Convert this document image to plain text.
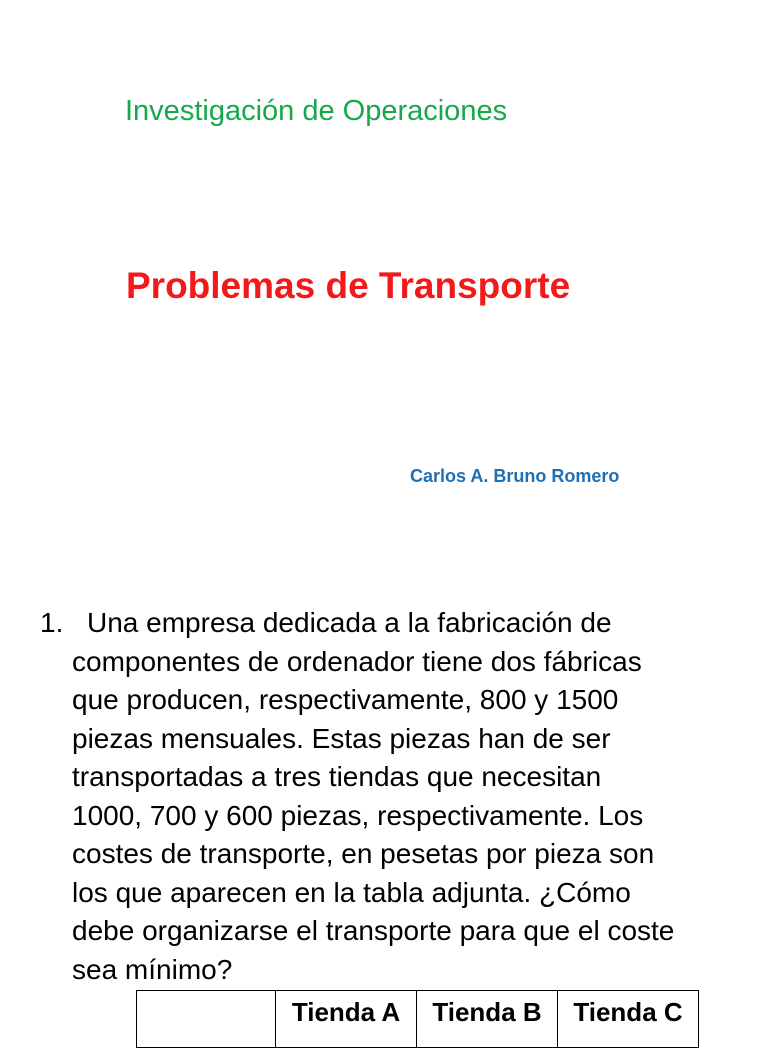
Investigación de Operaciones
Problemas de Transporte
Carlos A. Bruno Romero
1. Una empresa dedicada a la fabricación de
componentes de ordenador tiene dos fábricas
que producen, respectivamente, 800 y 1500
piezas mensuales. Estas piezas han de ser
transportadas a tres tiendas que necesitan
1000, 700 y 600 piezas, respectivamente. Los
costes de transporte, en pesetas por pieza son
los que aparecen en la tabla adjunta. ¿Cómo
debe organizarse el transporte para que el coste
sea mínimo?
	Tienda A	Tienda B	Tienda C
